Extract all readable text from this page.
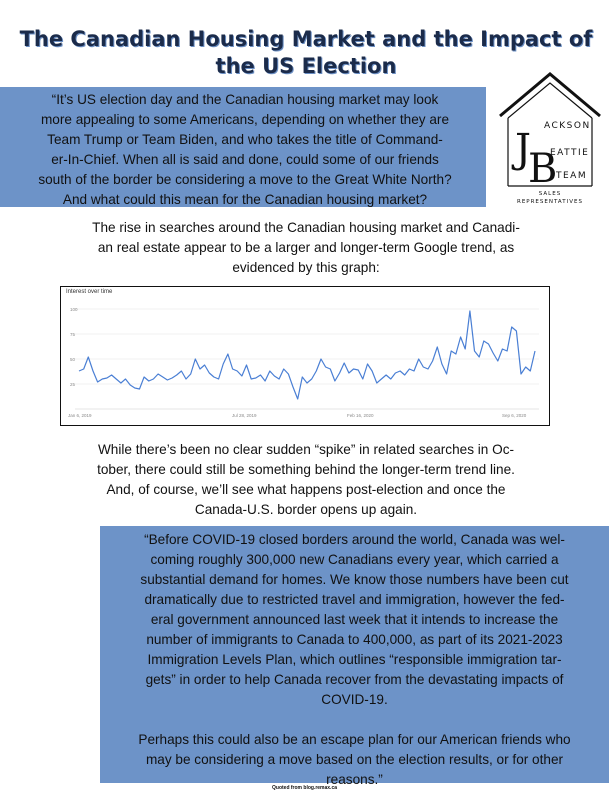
The Canadian Housing Market and the Impact of
the US Election
“It’s US election day and the Canadian housing market may look
more appealing to some Americans, depending on whether they are
Team Trump or Team Biden, and who takes the title of Command-
er-In-Chief. When all is said and done, could some of our friends
south of the border be considering a move to the Great White North?
And what could this mean for the Canadian housing market?
J
B
ACKSON
EATTIE
TEAM
SALES
REPRESENTATIVES
The rise in searches around the Canadian housing market and Canadi-
an real estate appear to be a larger and longer-term Google trend, as
evidenced by this graph:
Interest over time
25
50
75
100
Jan 6, 2019	Jul 28, 2019	Feb 16, 2020	Sep 6, 2020
While there’s been no clear sudden “spike” in related searches in Oc-
tober, there could still be something behind the longer-term trend line.
And, of course, we’ll see what happens post-election and once the
Canada-U.S. border opens up again.
“Before COVID-19 closed borders around the world, Canada was wel-
coming roughly 300,000 new Canadians every year, which carried a
substantial demand for homes. We know those numbers have been cut
dramatically due to restricted travel and immigration, however the fed-
eral government announced last week that it intends to increase the
number of immigrants to Canada to 400,000, as part of its 2021-2023
Immigration Levels Plan, which outlines “responsible immigration tar-
gets” in order to help Canada recover from the devastating impacts of
COVID-19.
Perhaps this could also be an escape plan for our American friends who
may be considering a move based on the election results, or for other
reasons.”
Quoted from blog.remax.ca
